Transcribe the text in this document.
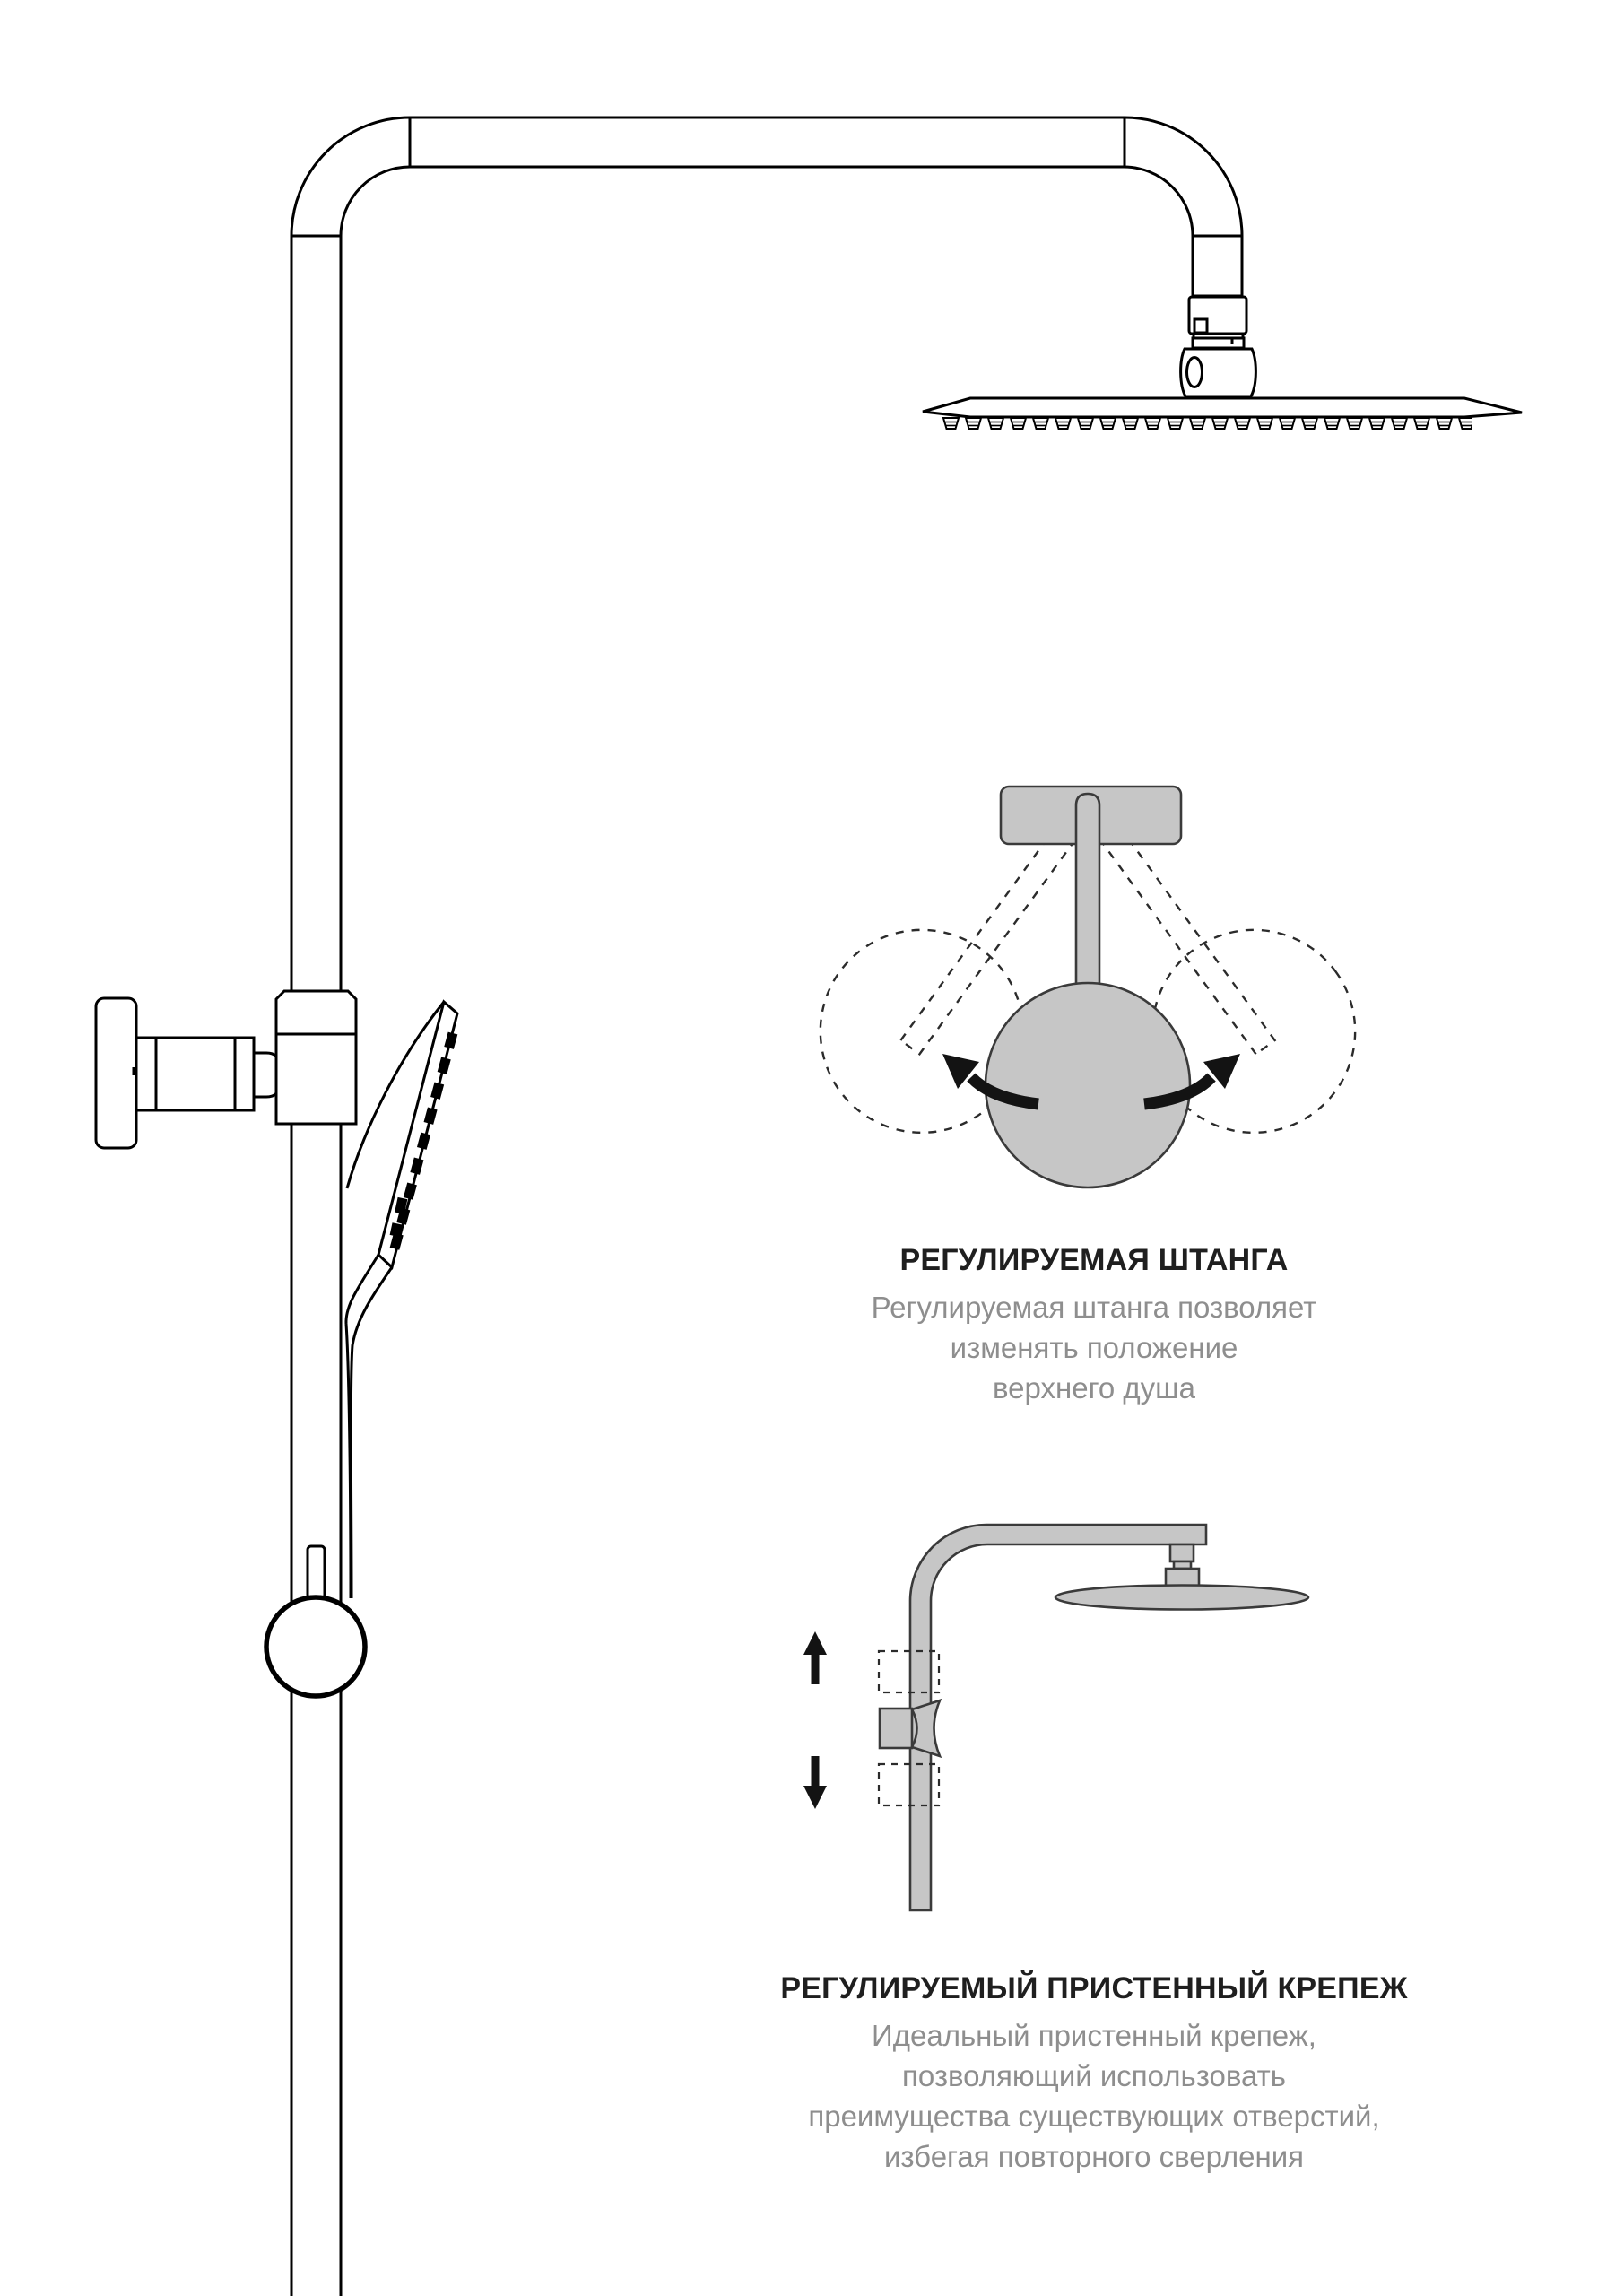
РЕГУЛИРУЕМАЯ ШТАНГА
Регулируемая штанга позволяет
изменять положение
верхнего душа
РЕГУЛИРУЕМЫЙ ПРИСТЕННЫЙ КРЕПЕЖ
Идеальный пристенный крепеж,
позволяющий использовать
преимущества существующих отверстий,
избегая повторного сверления
